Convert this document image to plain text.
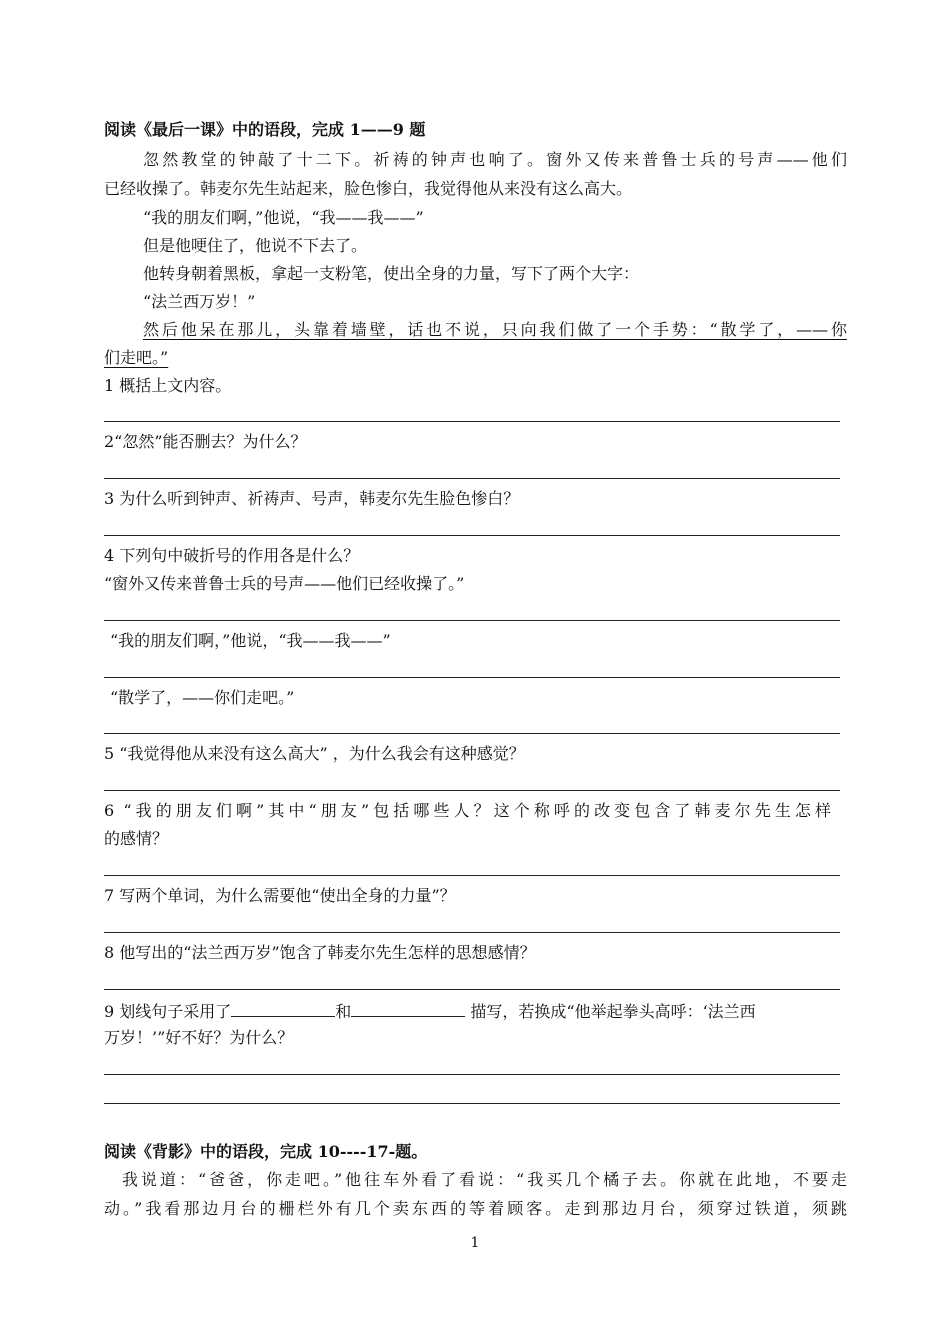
阅读《最后一课》中的语段，完成 1——9 题
忽然教堂的钟敲了十二下。祈祷的钟声也响了。窗外又传来普鲁士兵的号声——他们
已经收操了。韩麦尔先生站起来，脸色惨白，我觉得他从来没有这么高大。
“我的朋友们啊，”他说，“我——我——”
但是他哽住了，他说不下去了。
他转身朝着黑板，拿起一支粉笔，使出全身的力量，写下了两个大字：
“法兰西万岁！”
然后他呆在那儿，头靠着墙壁，话也不说，只向我们做了一个手势：“散学了，——你
们走吧。”
1 概括上文内容。
2“忽然”能否删去？为什么？
3 为什么听到钟声、祈祷声、号声，韩麦尔先生脸色惨白？
4 下列句中破折号的作用各是什么？
“窗外又传来普鲁士兵的号声——他们已经收操了。”
“我的朋友们啊，”他说，“我——我——”
“散学了，——你们走吧。”
5 “我觉得他从来没有这么高大” ，为什么我会有这种感觉？
6 “我的朋友们啊”其中“朋友”包括哪些人？这个称呼的改变包含了韩麦尔先生怎样
的感情？
7 写两个单词，为什么需要他“使出全身的力量”？
8 他写出的“法兰西万岁”饱含了韩麦尔先生怎样的思想感情？
9 划线句子采用了	和	描写，若换成“他举起拳头高呼：‘法兰西
万岁！’”好不好？为什么？
阅读《背影》中的语段，完成 10----17-题。
我说道：“爸爸，你走吧。”他往车外看了看说：“我买几个橘子去。你就在此地，不要走
动。”我看那边月台的栅栏外有几个卖东西的等着顾客。走到那边月台，须穿过铁道，须跳
1
